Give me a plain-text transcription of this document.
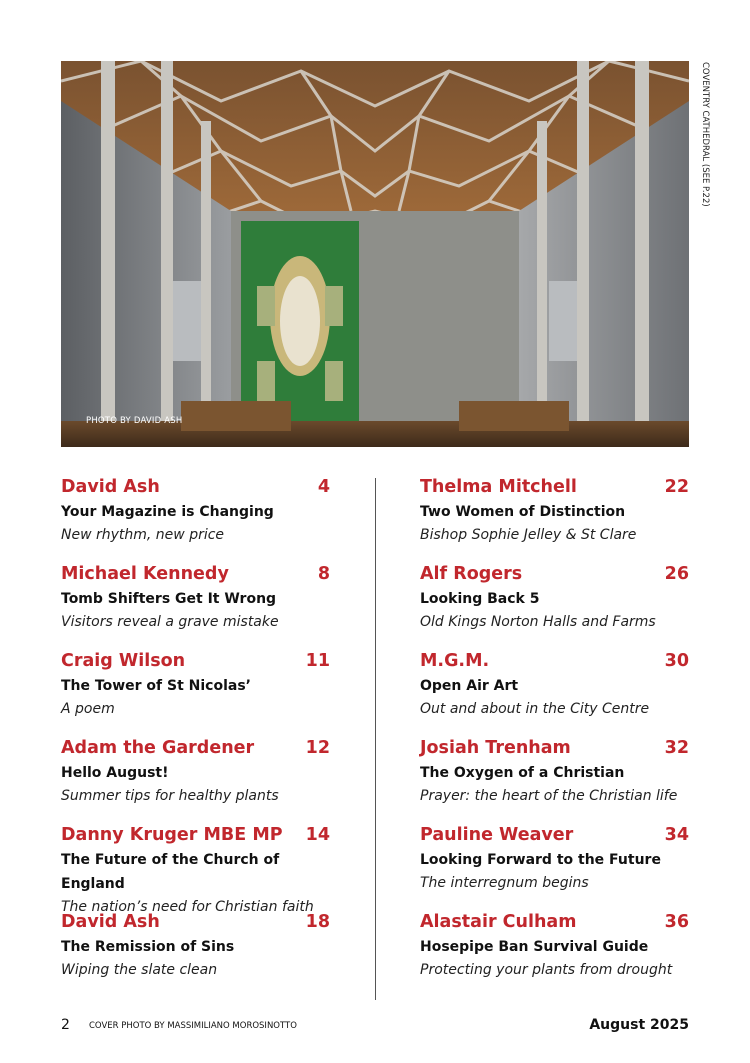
PHOTO BY DAVID ASH
COVENTRY CATHEDRAL (SEE P.22)
David Ash	4
Your Magazine is Changing
New rhythm, new price
Michael Kennedy	8
Tomb Shifters Get It Wrong
Visitors reveal a grave mistake
Craig Wilson	11
The Tower of St Nicolas’
A poem
Adam the Gardener	12
Hello August!
Summer tips for healthy plants
Danny Kruger MBE MP 14
The Future of the Church of England
The nation’s need for Christian faith
David Ash	18
The Remission of Sins
Wiping the slate clean
Thelma Mitchell	22
Two Women of Distinction
Bishop Sophie Jelley & St Clare
Alf Rogers	26
Looking Back 5
Old Kings Norton Halls and Farms
M.G.M.	30
Open Air Art
Out and about in the City Centre
Josiah Trenham	32
The Oxygen of a Christian
Prayer: the heart of the Christian life
Pauline Weaver	34
Looking Forward to the Future
The interregnum begins
Alastair Culham	36
Hosepipe Ban Survival Guide
Protecting your plants from drought
2 COVER PHOTO BY MASSIMILIANO MOROSINOTTO	August 2025
